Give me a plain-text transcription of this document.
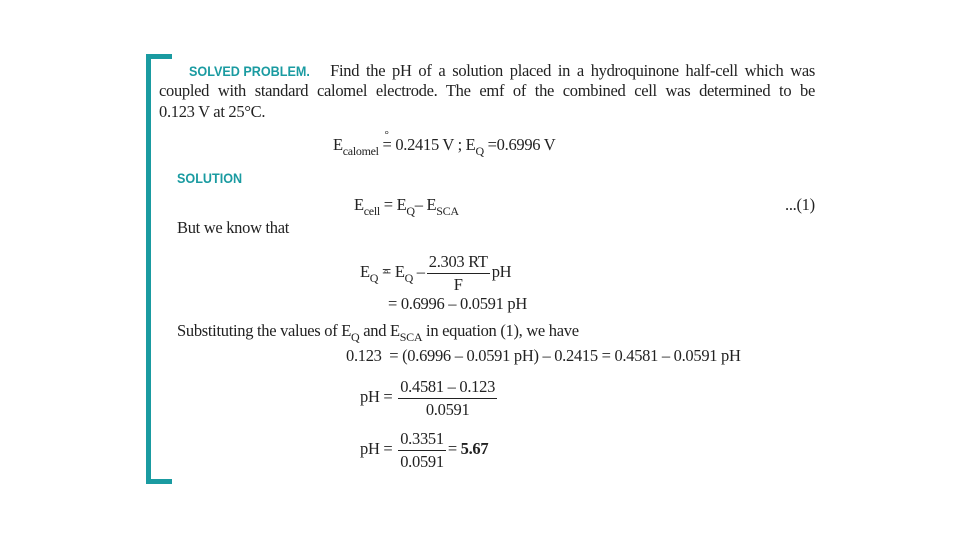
SOLVED PROBLEM. Find the pH of a solution placed in a hydroquinone half-cell which was
coupled with standard calomel electrode. The emf of the combined cell was determined to be
0.123 V at 25°C.
$E_{calomel}$ ° = 0.2415 V ; $E_Q =0.6996$ V
SOLUTION
$E_{cell} = E_Q-$ $E_{SCA}$	...(1)
But we know that
$E_Q$ ° = $E_Q - \frac{2.303 RT}{F}$ pH
= 0.6996 – 0.0591 pH
Substituting the values of $E_Q$ and $E_{SCA}$ in equation (1), we have
0.123  = (0.6996 – 0.0591 pH) – 0.2415 = 0.4581 – 0.0591 pH
pH = $\frac{0.4581 - 0.123}{0.0591}$
pH = $\frac{0.3351}{0.0591} = 5.67$
